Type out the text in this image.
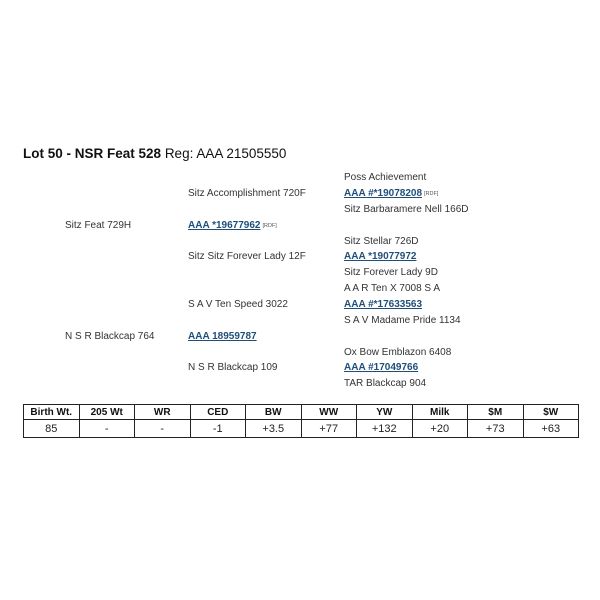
Lot 50 - NSR Feat 528 Reg: AAA 21505550
Poss Achievement
AAA #*19078208 [RDF]
Sitz Barbaramere Nell 166D
Sitz Stellar 726D
AAA *19077972
Sitz Forever Lady 9D
A A R Ten X 7008 S A
AAA #*17633563
S A V Madame Pride 1134
Ox Bow Emblazon 6408
AAA #17049766
TAR Blackcap 904
Sitz Accomplishment 720F
AAA *19677962 [RDF]
Sitz Sitz Forever Lady 12F
S A V Ten Speed 3022
AAA 18959787
N S R Blackcap 109
Sitz Feat 729H
N S R Blackcap 764
Birth Wt.	205 Wt	WR	CED	BW	WW	YW	Milk	$M	$W
85	-	-	-1	+3.5	+77	+132	+20	+73	+63
